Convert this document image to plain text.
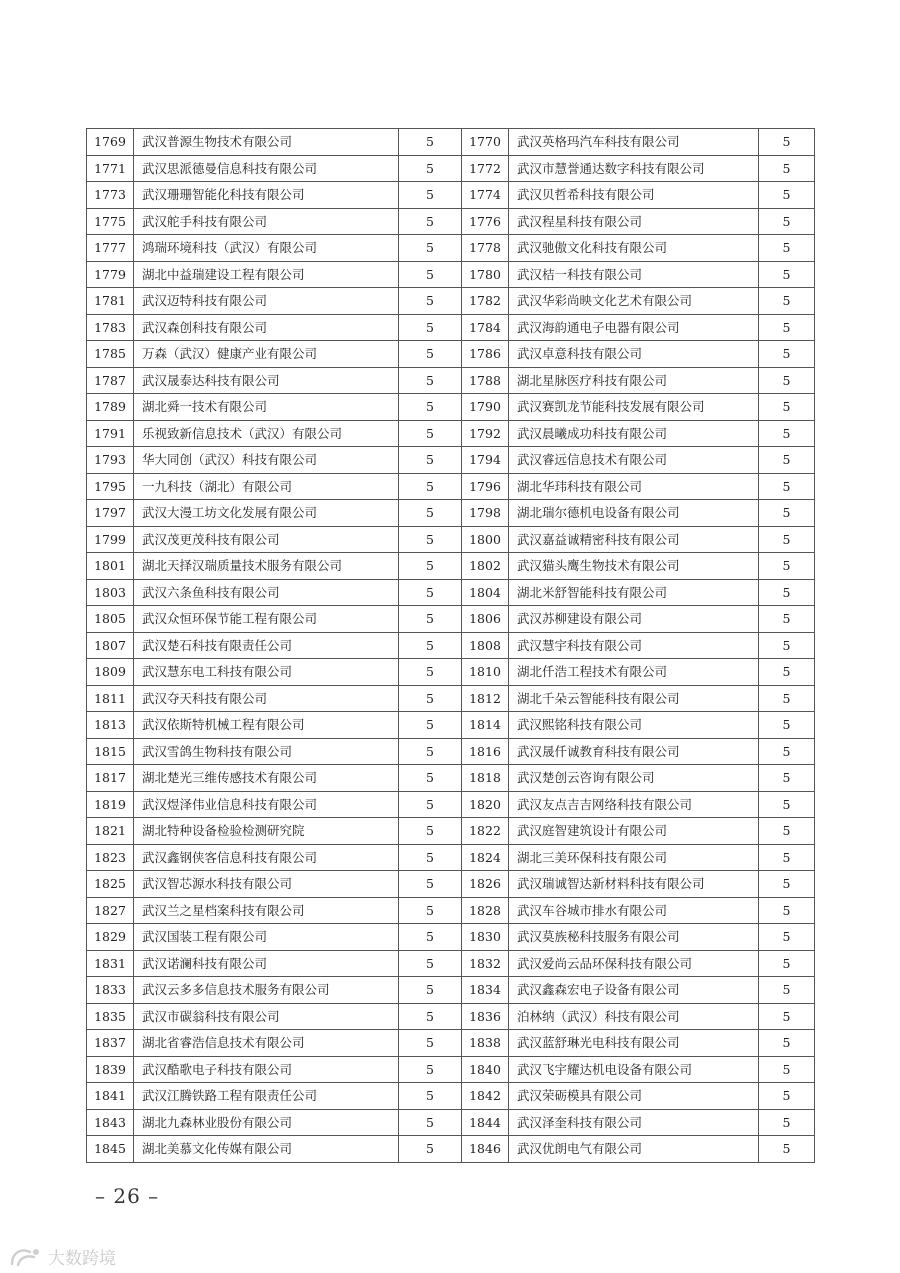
1769	武汉普源生物技术有限公司	5	1770	武汉英格玛汽车科技有限公司	5
1771	武汉思派德曼信息科技有限公司	5	1772	武汉市慧誉通达数字科技有限公司	5
1773	武汉珊珊智能化科技有限公司	5	1774	武汉贝哲希科技有限公司	5
1775	武汉舵手科技有限公司	5	1776	武汉程星科技有限公司	5
1777	鸿瑞环境科技（武汉）有限公司	5	1778	武汉驰傲文化科技有限公司	5
1779	湖北中益瑞建设工程有限公司	5	1780	武汉桔一科技有限公司	5
1781	武汉迈特科技有限公司	5	1782	武汉华彩尚映文化艺术有限公司	5
1783	武汉森创科技有限公司	5	1784	武汉海韵通电子电器有限公司	5
1785	万森（武汉）健康产业有限公司	5	1786	武汉卓意科技有限公司	5
1787	武汉晟泰达科技有限公司	5	1788	湖北星脉医疗科技有限公司	5
1789	湖北舜一技术有限公司	5	1790	武汉赛凯龙节能科技发展有限公司	5
1791	乐视致新信息技术（武汉）有限公司	5	1792	武汉晨曦成功科技有限公司	5
1793	华大同创（武汉）科技有限公司	5	1794	武汉睿远信息技术有限公司	5
1795	一九科技（湖北）有限公司	5	1796	湖北华玮科技有限公司	5
1797	武汉大漫工坊文化发展有限公司	5	1798	湖北瑞尔德机电设备有限公司	5
1799	武汉茂更茂科技有限公司	5	1800	武汉嘉益诚精密科技有限公司	5
1801	湖北天择汉瑞质量技术服务有限公司	5	1802	武汉猫头鹰生物技术有限公司	5
1803	武汉六条鱼科技有限公司	5	1804	湖北米舒智能科技有限公司	5
1805	武汉众恒环保节能工程有限公司	5	1806	武汉苏柳建设有限公司	5
1807	武汉楚石科技有限责任公司	5	1808	武汉慧宇科技有限公司	5
1809	武汉慧东电工科技有限公司	5	1810	湖北仟浩工程技术有限公司	5
1811	武汉夺天科技有限公司	5	1812	湖北千朵云智能科技有限公司	5
1813	武汉依斯特机械工程有限公司	5	1814	武汉熙铭科技有限公司	5
1815	武汉雪鸽生物科技有限公司	5	1816	武汉晟仟诚教育科技有限公司	5
1817	湖北楚光三维传感技术有限公司	5	1818	武汉楚创云咨询有限公司	5
1819	武汉煜泽伟业信息科技有限公司	5	1820	武汉友点吉吉网络科技有限公司	5
1821	湖北特种设备检验检测研究院	5	1822	武汉庭智建筑设计有限公司	5
1823	武汉鑫钢侠客信息科技有限公司	5	1824	湖北三美环保科技有限公司	5
1825	武汉智芯源水科技有限公司	5	1826	武汉瑞诚智达新材料科技有限公司	5
1827	武汉兰之星档案科技有限公司	5	1828	武汉车谷城市排水有限公司	5
1829	武汉国装工程有限公司	5	1830	武汉莫族秘科技服务有限公司	5
1831	武汉诺澜科技有限公司	5	1832	武汉爱尚云品环保科技有限公司	5
1833	武汉云多多信息技术服务有限公司	5	1834	武汉鑫森宏电子设备有限公司	5
1835	武汉市碳翁科技有限公司	5	1836	泊林纳（武汉）科技有限公司	5
1837	湖北省睿浩信息技术有限公司	5	1838	武汉蓝舒琳光电科技有限公司	5
1839	武汉酷歌电子科技有限公司	5	1840	武汉飞宇耀达机电设备有限公司	5
1841	武汉江腾铁路工程有限责任公司	5	1842	武汉荣砺模具有限公司	5
1843	湖北九森林业股份有限公司	5	1844	武汉泽奎科技有限公司	5
1845	湖北美慕文化传媒有限公司	5	1846	武汉优朗电气有限公司	5
– 26 –
大数跨境
